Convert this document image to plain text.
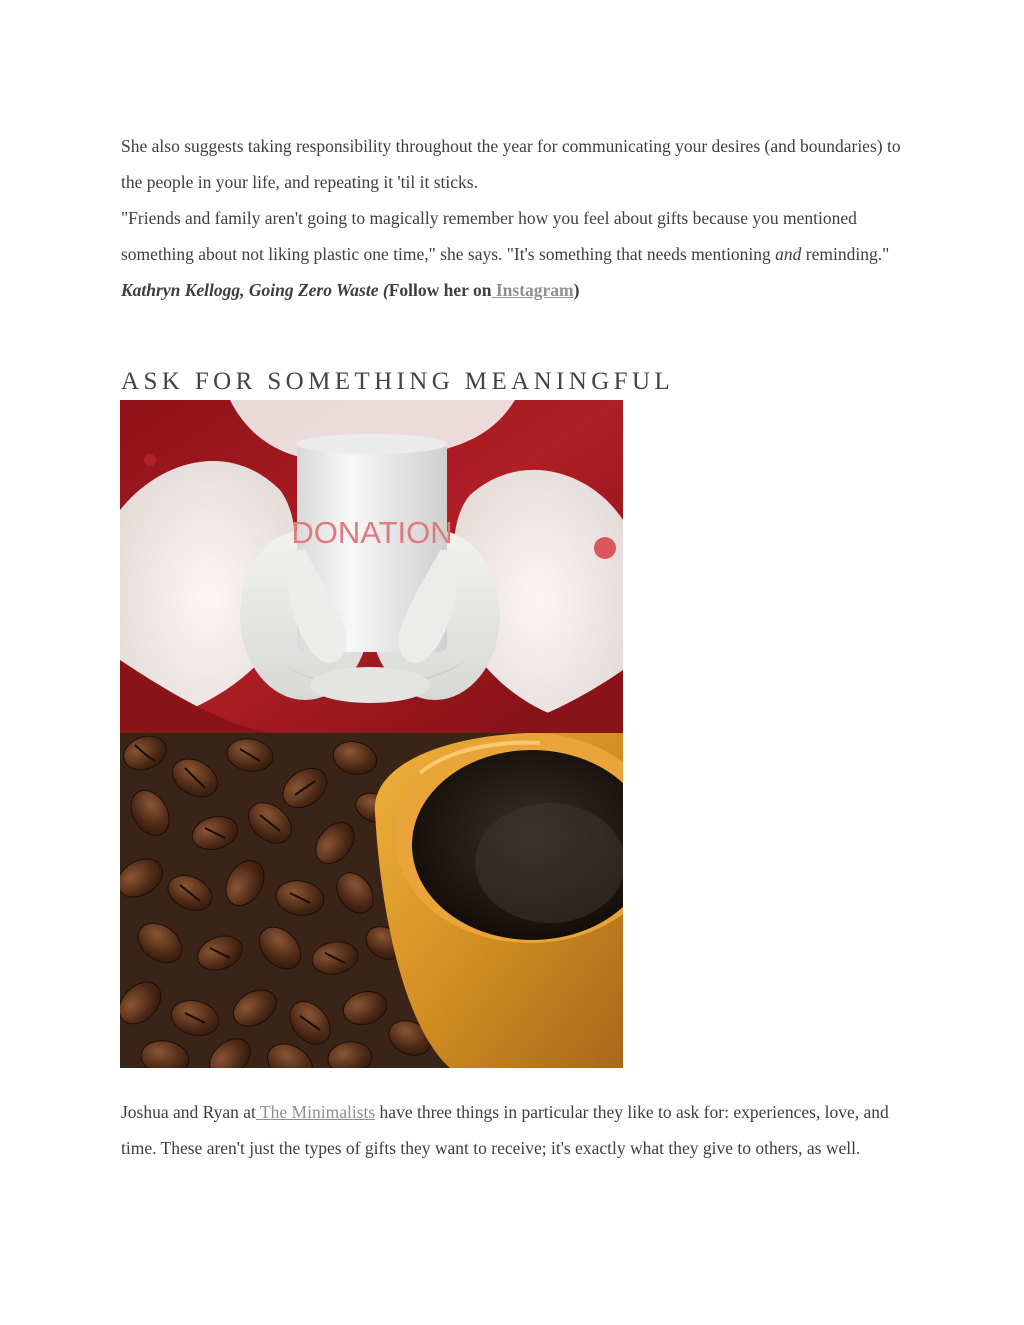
She also suggests taking responsibility throughout the year for communicating your desires (and boundaries) to the people in your life, and repeating it 'til it sticks.

"Friends and family aren't going to magically remember how you feel about gifts because you mentioned something about not liking plastic one time," she says. "It's something that needs mentioning and reminding." Kathryn Kellogg, Going Zero Waste (Follow her on Instagram)

ASK FOR SOMETHING MEANINGFUL
DONATION

Joshua and Ryan at The Minimalists have three things in particular they like to ask for: experiences, love, and time. These aren't just the types of gifts they want to receive; it's exactly what they give to others, as well.
